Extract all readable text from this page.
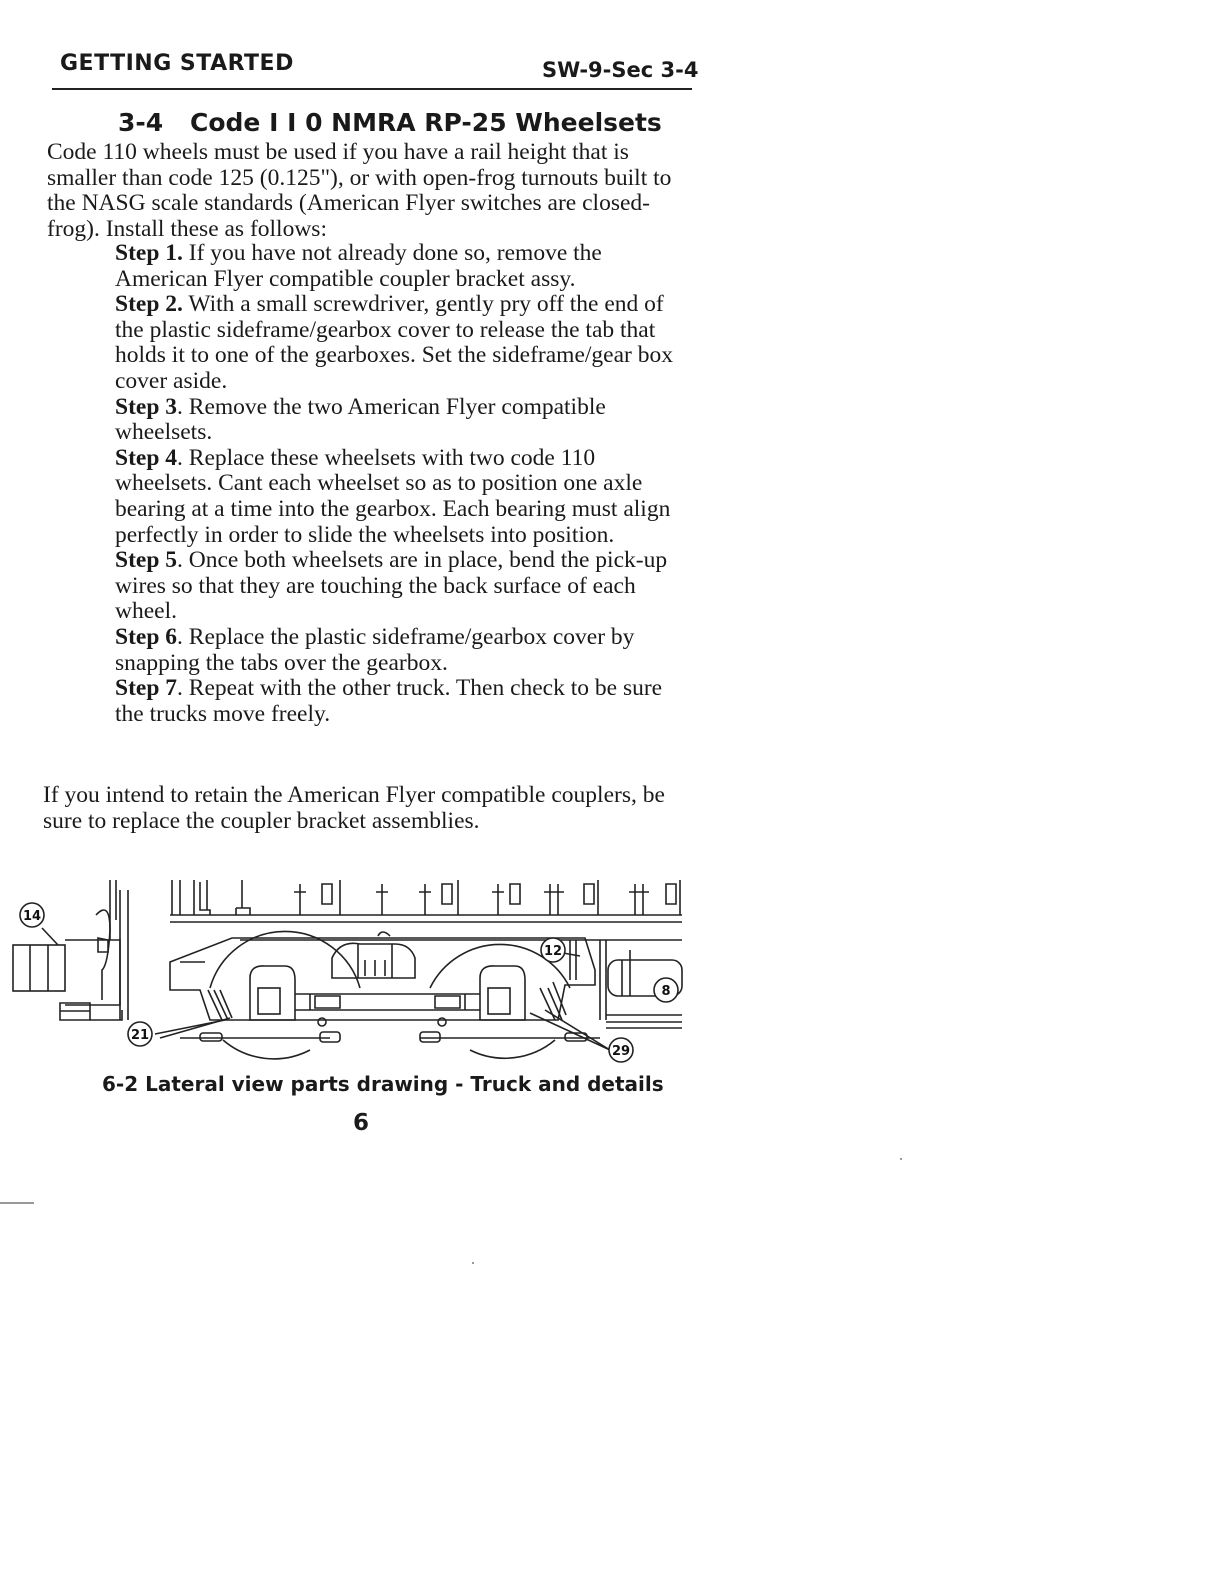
GETTING STARTED	SW-9-Sec 3-4
3-4 Code I I 0 NMRA RP-25 Wheelsets

Code 110 wheels must be used if you have a rail height that is smaller than code 125 (0.125"), or with open-frog turnouts built to the NASG scale standards (American Flyer switches are closed-frog). Install these as follows:

Step 1. If you have not already done so, remove the American Flyer compatible coupler bracket assy.

Step 2. With a small screwdriver, gently pry off the end of the plastic sideframe/gearbox cover to release the tab that holds it to one of the gearboxes. Set the sideframe/gear box cover aside.

Step 3. Remove the two American Flyer compatible wheelsets.

Step 4. Replace these wheelsets with two code 110 wheelsets. Cant each wheelset so as to position one axle bearing at a time into the gearbox. Each bearing must align perfectly in order to slide the wheelsets into position.

Step 5. Once both wheelsets are in place, bend the pick-up wires so that they are touching the back surface of each wheel.

Step 6. Replace the plastic sideframe/gearbox cover by snapping the tabs over the gearbox.

Step 7. Repeat with the other truck. Then check to be sure the trucks move freely.

If you intend to retain the American Flyer compatible couplers, be sure to replace the coupler bracket assemblies.

14
12
8
21
29
6-2 Lateral view parts drawing - Truck and details
6
